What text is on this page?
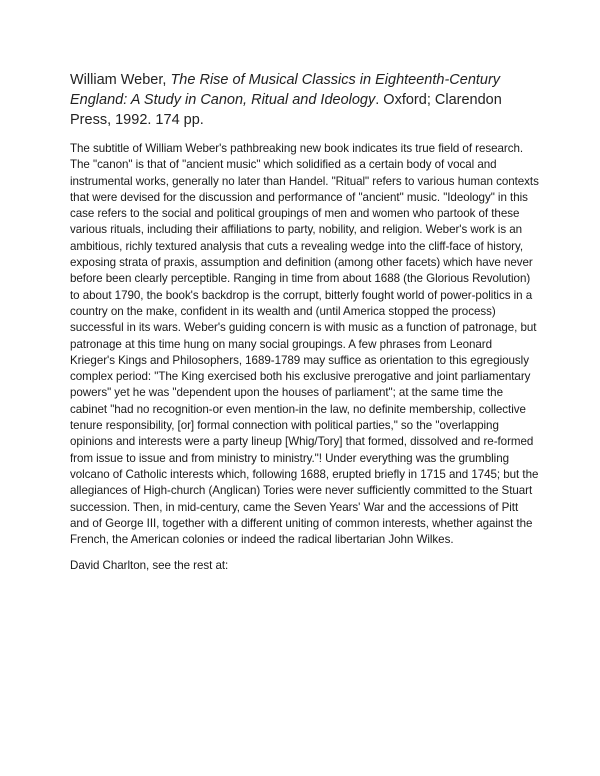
William Weber, The Rise of Musical Classics in Eighteenth-Century England: A Study in Canon, Ritual and Ideology. Oxford; Clarendon Press, 1992. 174 pp.

The subtitle of William Weber's pathbreaking new book indicates its true field of research. The "canon" is that of "ancient music" which solidified as a certain body of vocal and instrumental works, generally no later than Handel. "Ritual" refers to various human contexts that were devised for the discussion and performance of "ancient" music. "Ideology" in this case refers to the social and political groupings of men and women who partook of these various rituals, including their affiliations to party, nobility, and religion. Weber's work is an ambitious, richly textured analysis that cuts a revealing wedge into the cliff-face of history, exposing strata of praxis, assumption and definition (among other facets) which have never before been clearly perceptible. Ranging in time from about 1688 (the Glorious Revolution) to about 1790, the book's backdrop is the corrupt, bitterly fought world of power-politics in a country on the make, confident in its wealth and (until America stopped the process) successful in its wars. Weber's guiding concern is with music as a function of patronage, but patronage at this time hung on many social groupings. A few phrases from Leonard Krieger's Kings and Philosophers, 1689-1789 may suffice as orientation to this egregiously complex period: "The King exercised both his exclusive prerogative and joint parliamentary powers" yet he was "dependent upon the houses of parliament"; at the same time the cabinet "had no recognition-or even mention-in the law, no definite membership, collective tenure responsibility, [or] formal connection with political parties," so the "overlapping opinions and interests were a party lineup [Whig/Tory] that formed, dissolved and re-formed from issue to issue and from ministry to ministry."! Under everything was the grumbling volcano of Catholic interests which, following 1688, erupted briefly in 1715 and 1745; but the allegiances of High-church (Anglican) Tories were never sufficiently committed to the Stuart succession. Then, in mid-century, came the Seven Years' War and the accessions of Pitt and of George III, together with a different uniting of common interests, whether against the French, the American colonies or indeed the radical libertarian John Wilkes.

David Charlton, see the rest at:
